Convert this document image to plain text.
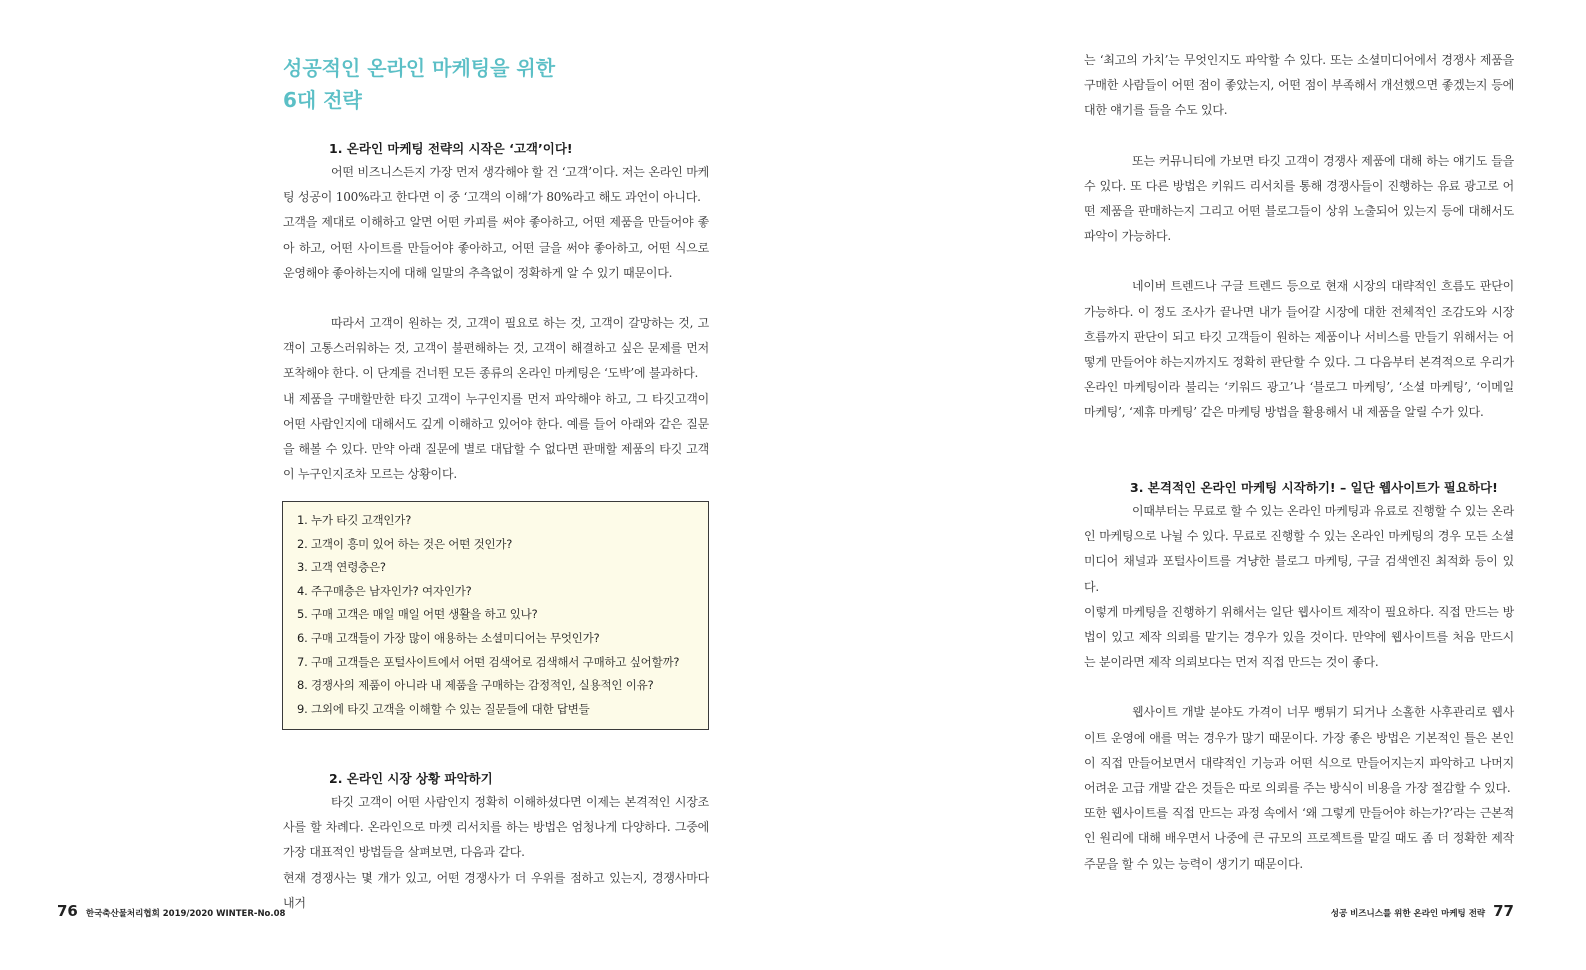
성공적인 온라인 마케팅을 위한
6대 전략
1. 온라인 마케팅 전략의 시작은 ‘고객’이다!

어떤 비즈니스든지 가장 먼저 생각해야 할 건 ‘고객’이다. 저는 온라인 마케팅 성공이 100%라고 한다면 이 중 ‘고객의 이해’가 80%라고 해도 과언이 아니다.

고객을 제대로 이해하고 알면 어떤 카피를 써야 좋아하고, 어떤 제품을 만들어야 좋아 하고, 어떤 사이트를 만들어야 좋아하고, 어떤 글을 써야 좋아하고, 어떤 식으로 운영해야 좋아하는지에 대해 일말의 추측없이 정확하게 알 수 있기 때문이다.

따라서 고객이 원하는 것, 고객이 필요로 하는 것, 고객이 갈망하는 것, 고객이 고통스러워하는 것, 고객이 불편해하는 것, 고객이 해결하고 싶은 문제를 먼저 포착해야 한다. 이 단계를 건너뛴 모든 종류의 온라인 마케팅은 ‘도박’에 불과하다.

내 제품을 구매할만한 타깃 고객이 누구인지를 먼저 파악해야 하고, 그 타깃고객이 어떤 사람인지에 대해서도 깊게 이해하고 있어야 한다. 예를 들어 아래와 같은 질문을 해볼 수 있다. 만약 아래 질문에 별로 대답할 수 없다면 판매할 제품의 타깃 고객이 누구인지조차 모르는 상황이다.

1. 누가 타깃 고객인가?
2. 고객이 흥미 있어 하는 것은 어떤 것인가?
3. 고객 연령층은?
4. 주구매층은 남자인가? 여자인가?
5. 구매 고객은 매일 매일 어떤 생활을 하고 있나?
6. 구매 고객들이 가장 많이 애용하는 소셜미디어는 무엇인가?
7. 구매 고객들은 포털사이트에서 어떤 검색어로 검색해서 구매하고 싶어할까?
8. 경쟁사의 제품이 아니라 내 제품을 구매하는 감정적인, 실용적인 이유?
9. 그외에 타깃 고객을 이해할 수 있는 질문들에 대한 답변들
2. 온라인 시장 상황 파악하기

타깃 고객이 어떤 사람인지 정확히 이해하셨다면 이제는 본격적인 시장조사를 할 차례다. 온라인으로 마켓 리서치를 하는 방법은 엄청나게 다양하다. 그중에 가장 대표적인 방법들을 살펴보면, 다음과 같다.

현재 경쟁사는 몇 개가 있고, 어떤 경쟁사가 더 우위를 점하고 있는지, 경쟁사마다 내거

76 한국축산물처리협회 2019/2020 WINTER-No.08

는 ‘최고의 가치’는 무엇인지도 파악할 수 있다. 또는 소셜미디어에서 경쟁사 제품을 구매한 사람들이 어떤 점이 좋았는지, 어떤 점이 부족해서 개선했으면 좋겠는지 등에 대한 얘기를 들을 수도 있다.

또는 커뮤니티에 가보면 타깃 고객이 경쟁사 제품에 대해 하는 얘기도 들을 수 있다. 또 다른 방법은 키워드 리서치를 통해 경쟁사들이 진행하는 유료 광고로 어떤 제품을 판매하는지 그리고 어떤 블로그들이 상위 노출되어 있는지 등에 대해서도 파악이 가능하다.

네이버 트렌드나 구글 트렌드 등으로 현재 시장의 대략적인 흐름도 판단이 가능하다. 이 정도 조사가 끝나면 내가 들어갈 시장에 대한 전체적인 조감도와 시장 흐름까지 판단이 되고 타깃 고객들이 원하는 제품이나 서비스를 만들기 위해서는 어떻게 만들어야 하는지까지도 정확히 판단할 수 있다. 그 다음부터 본격적으로 우리가 온라인 마케팅이라 불리는 ‘키워드 광고’나 ‘블로그 마케팅’, ‘소셜 마케팅’, ‘이메일 마케팅’, ‘제휴 마케팅’ 같은 마케팅 방법을 활용해서 내 제품을 알릴 수가 있다.

3. 본격적인 온라인 마케팅 시작하기! – 일단 웹사이트가 필요하다!

이때부터는 무료로 할 수 있는 온라인 마케팅과 유료로 진행할 수 있는 온라인 마케팅으로 나뉠 수 있다. 무료로 진행할 수 있는 온라인 마케팅의 경우 모든 소셜미디어 채널과 포털사이트를 겨냥한 블로그 마케팅, 구글 검색엔진 최적화 등이 있다.

이렇게 마케팅을 진행하기 위해서는 일단 웹사이트 제작이 필요하다. 직접 만드는 방법이 있고 제작 의뢰를 맡기는 경우가 있을 것이다. 만약에 웹사이트를 처음 만드시는 분이라면 제작 의뢰보다는 먼저 직접 만드는 것이 좋다.

웹사이트 개발 분야도 가격이 너무 뻥튀기 되거나 소홀한 사후관리로 웹사이트 운영에 애를 먹는 경우가 많기 때문이다. 가장 좋은 방법은 기본적인 틀은 본인이 직접 만들어보면서 대략적인 기능과 어떤 식으로 만들어지는지 파악하고 나머지 어려운 고급 개발 같은 것들은 따로 의뢰를 주는 방식이 비용을 가장 절감할 수 있다.

또한 웹사이트를 직접 만드는 과정 속에서 ‘왜 그렇게 만들어야 하는가?’라는 근본적인 원리에 대해 배우면서 나중에 큰 규모의 프로젝트를 맡길 때도 좀 더 정확한 제작 주문을 할 수 있는 능력이 생기기 때문이다.

성공 비즈니스를 위한 온라인 마케팅 전략 77
